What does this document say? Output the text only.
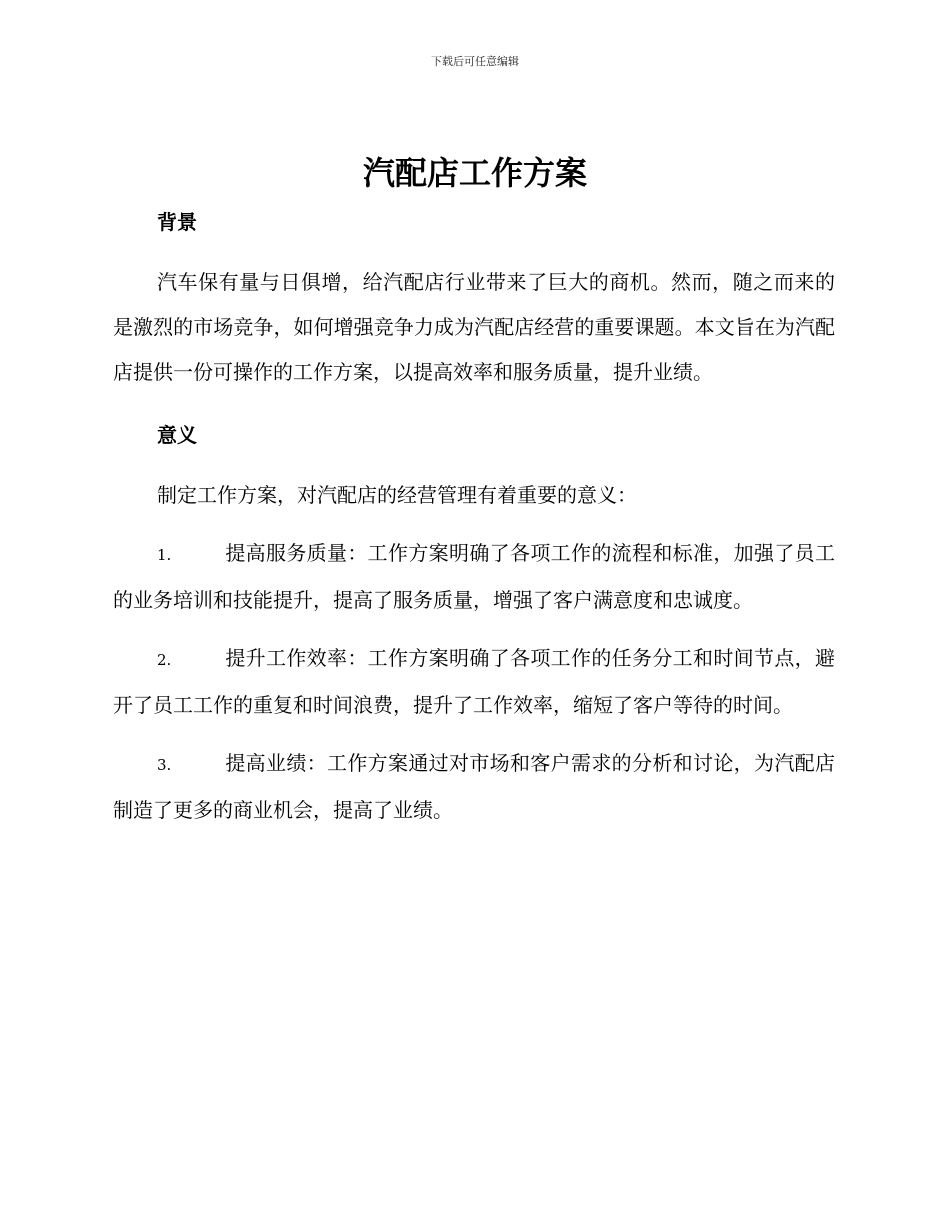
下载后可任意编辑
汽配店工作方案
背景

汽车保有量与日俱增，给汽配店行业带来了巨大的商机。然而，随之而来的是激烈的市场竞争，如何增强竞争力成为汽配店经营的重要课题。本文旨在为汽配店提供一份可操作的工作方案，以提高效率和服务质量，提升业绩。

意义

制定工作方案，对汽配店的经营管理有着重要的意义：

1.	提高服务质量：工作方案明确了各项工作的流程和标准，加强了员工的业务培训和技能提升，提高了服务质量，增强了客户满意度和忠诚度。

2.	提升工作效率：工作方案明确了各项工作的任务分工和时间节点，避开了员工工作的重复和时间浪费，提升了工作效率，缩短了客户等待的时间。

3.	提高业绩：工作方案通过对市场和客户需求的分析和讨论，为汽配店制造了更多的商业机会，提高了业绩。
